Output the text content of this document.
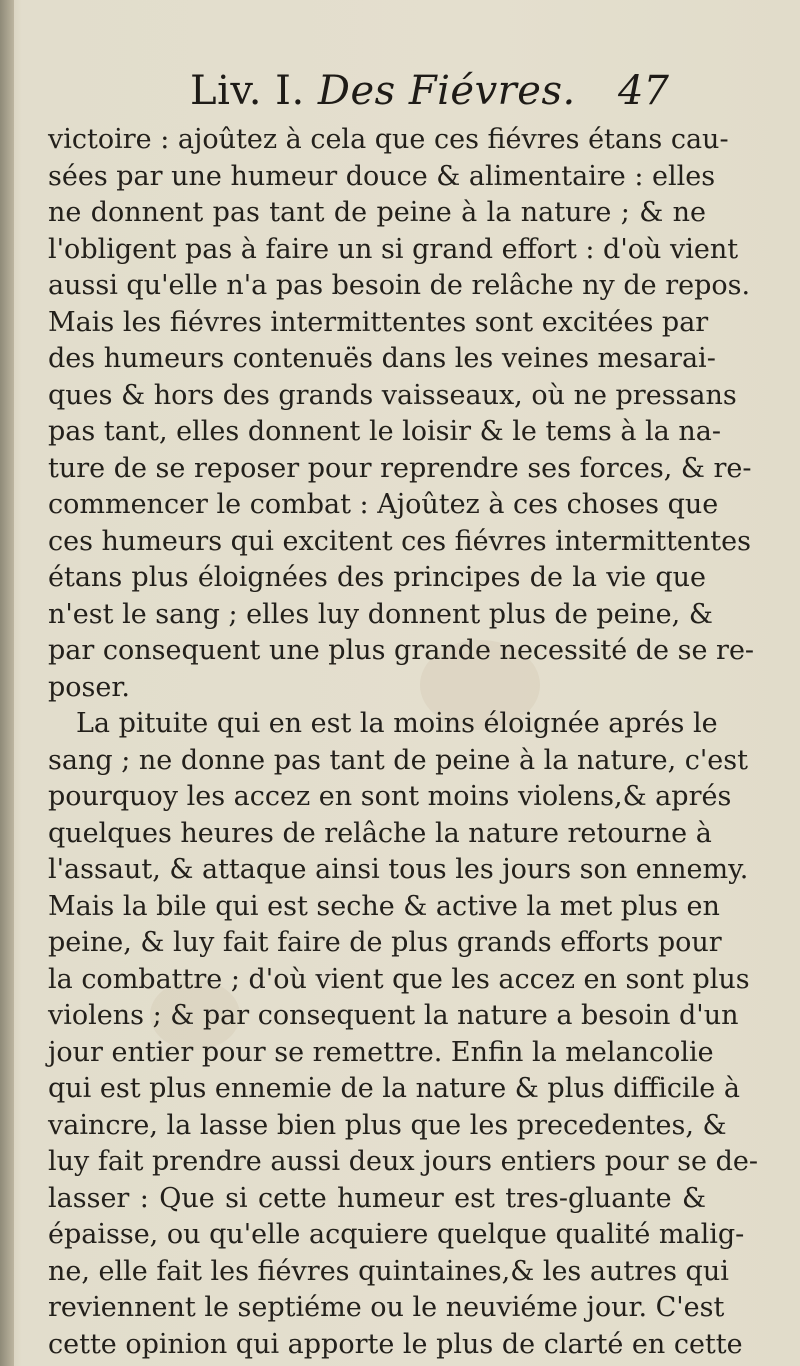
Liv. I. Des Fiévres. 47
victoire : ajoûtez à cela que ces fiévres étans cau-
sées par une humeur douce & alimentaire : elles
ne donnent pas tant de peine à la nature ; & ne
l'obligent pas à faire un si grand effort : d'où vient
aussi qu'elle n'a pas besoin de relâche ny de repos.
Mais les fiévres intermittentes sont excitées par
des humeurs contenuës dans les veines mesarai-
ques & hors des grands vaisseaux, où ne pressans
pas tant, elles donnent le loisir & le tems à la na-
ture de se reposer pour reprendre ses forces, & re-
commencer le combat : Ajoûtez à ces choses que
ces humeurs qui excitent ces fiévres intermittentes
étans plus éloignées des principes de la vie que
n'est le sang ; elles luy donnent plus de peine, &
par consequent une plus grande necessité de se re-
poser.
La pituite qui en est la moins éloignée aprés le
sang ; ne donne pas tant de peine à la nature, c'est
pourquoy les accez en sont moins violens,& aprés
quelques heures de relâche la nature retourne à
l'assaut, & attaque ainsi tous les jours son ennemy.
Mais la bile qui est seche & active la met plus en
peine, & luy fait faire de plus grands efforts pour
la combattre ; d'où vient que les accez en sont plus
violens ; & par consequent la nature a besoin d'un
jour entier pour se remettre. Enfin la melancolie
qui est plus ennemie de la nature & plus difficile à
vaincre, la lasse bien plus que les precedentes, &
luy fait prendre aussi deux jours entiers pour se de-
lasser : Que si cette humeur est tres-gluante &
épaisse, ou qu'elle acquiere quelque qualité malig-
ne, elle fait les fiévres quintaines,& les autres qui
reviennent le septiéme ou le neuviéme jour. C'est
cette opinion qui apporte le plus de clarté en cette
